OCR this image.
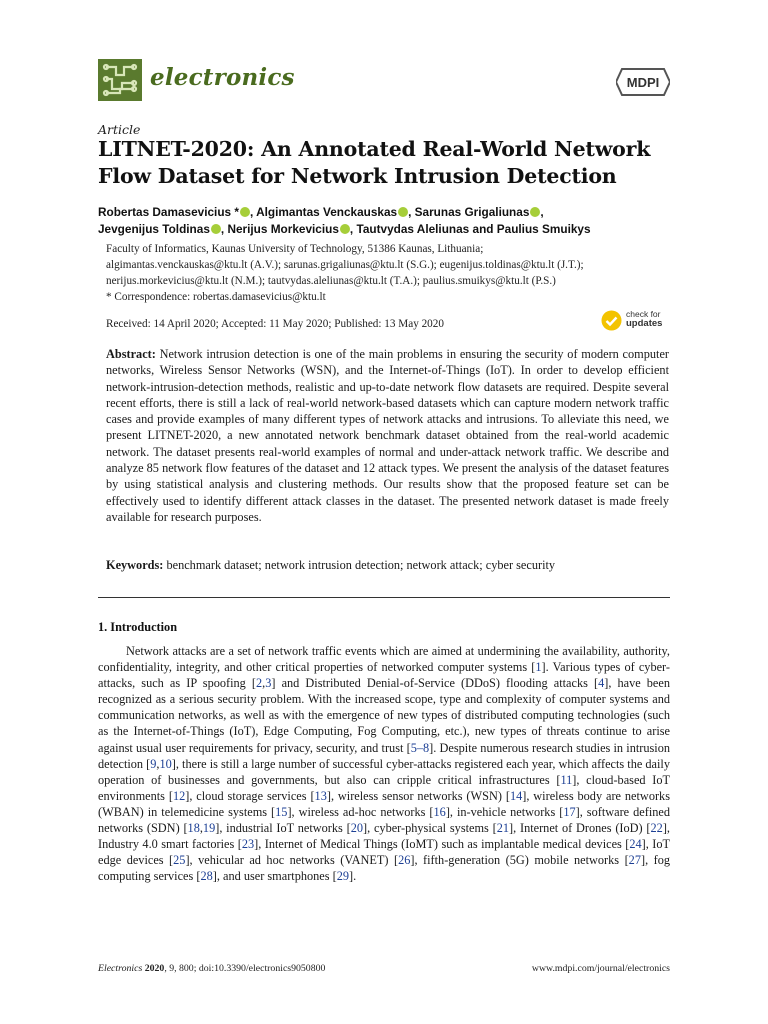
electronics	MDPI
Article
LITNET-2020: An Annotated Real-World Network Flow Dataset for Network Intrusion Detection
Robertas Damasevicius * , Algimantas Venckauskas , Sarunas Grigaliunas ,
Jevgenijus Toldinas , Nerijus Morkevicius , Tautvydas Aleliunas and Paulius Smuikys
Faculty of Informatics, Kaunas University of Technology, 51386 Kaunas, Lithuania;
algimantas.venckauskas@ktu.lt (A.V.); sarunas.grigaliunas@ktu.lt (S.G.); eugenijus.toldinas@ktu.lt (J.T.);
nerijus.morkevicius@ktu.lt (N.M.); tautvydas.aleliunas@ktu.lt (T.A.); paulius.smuikys@ktu.lt (P.S.)
* Correspondence: robertas.damasevicius@ktu.lt
Received: 14 April 2020; Accepted: 11 May 2020; Published: 13 May 2020
check for
updates
Abstract: Network intrusion detection is one of the main problems in ensuring the security of modern computer networks, Wireless Sensor Networks (WSN), and the Internet-of-Things (IoT). In order to develop efficient network-intrusion-detection methods, realistic and up-to-date network flow datasets are required. Despite several recent efforts, there is still a lack of real-world network-based datasets which can capture modern network traffic cases and provide examples of many different types of network attacks and intrusions. To alleviate this need, we present LITNET-2020, a new annotated network benchmark dataset obtained from the real-world academic network. The dataset presents real-world examples of normal and under-attack network traffic. We describe and analyze 85 network flow features of the dataset and 12 attack types. We present the analysis of the dataset features by using statistical analysis and clustering methods. Our results show that the proposed feature set can be effectively used to identify different attack classes in the dataset. The presented network dataset is made freely available for research purposes.
Keywords: benchmark dataset; network intrusion detection; network attack; cyber security
1. Introduction
Network attacks are a set of network traffic events which are aimed at undermining the availability, authority, confidentiality, integrity, and other critical properties of networked computer systems [1]. Various types of cyber-attacks, such as IP spoofing [2,3] and Distributed Denial-of-Service (DDoS) flooding attacks [4], have been recognized as a serious security problem. With the increased scope, type and complexity of computer systems and communication networks, as well as with the emergence of new types of distributed computing technologies (such as the Internet-of-Things (IoT), Edge Computing, Fog Computing, etc.), new types of threats continue to arise against usual user requirements for privacy, security, and trust [5–8]. Despite numerous research studies in intrusion detection [9,10], there is still a large number of successful cyber-attacks registered each year, which affects the daily operation of businesses and governments, but also can cripple critical infrastructures [11], cloud-based IoT environments [12], cloud storage services [13], wireless sensor networks (WSN) [14], wireless body are networks (WBAN) in telemedicine systems [15], wireless ad-hoc networks [16], in-vehicle networks [17], software defined networks (SDN) [18,19], industrial IoT networks [20], cyber-physical systems [21], Internet of Drones (IoD) [22], Industry 4.0 smart factories [23], Internet of Medical Things (IoMT) such as implantable medical devices [24], IoT edge devices [25], vehicular ad hoc networks (VANET) [26], fifth-generation (5G) mobile networks [27], fog computing services [28], and user smartphones [29].
Electronics 2020, 9, 800; doi:10.3390/electronics9050800	www.mdpi.com/journal/electronics
